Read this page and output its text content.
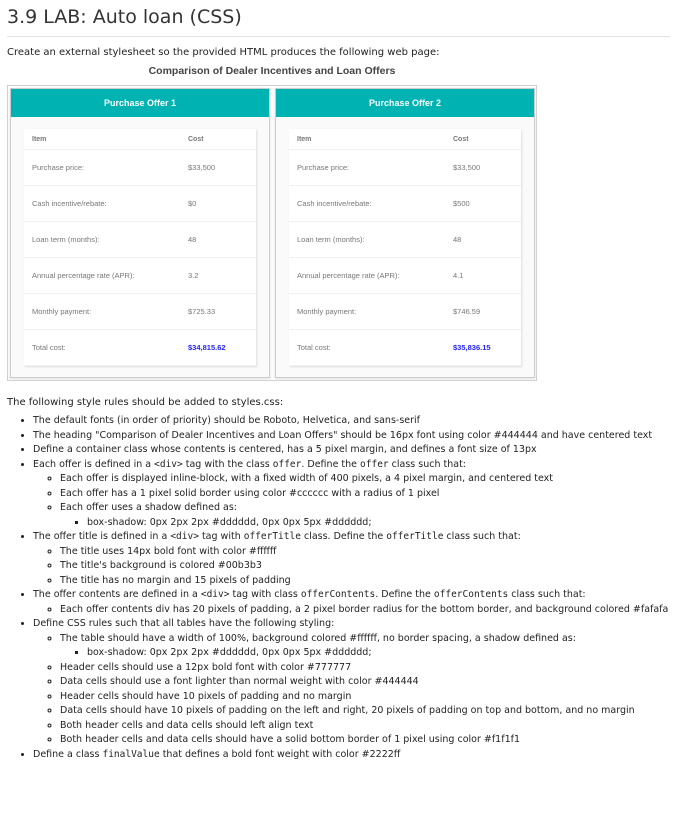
3.9 LAB: Auto loan (CSS)

Create an external stylesheet so the provided HTML produces the following web page:

Comparison of Dealer Incentives and Loan Offers
Purchase Offer 1
Item	Cost
Purchase price:	$33,500
Cash incentive/rebate:	$0
Loan term (months):	48
Annual percentage rate (APR):	3.2
Monthly payment:	$725.33
Total cost:	$34,815.62
Purchase Offer 2
Item	Cost
Purchase price:	$33,500
Cash incentive/rebate:	$500
Loan term (months):	48
Annual percentage rate (APR):	4.1
Monthly payment:	$746.59
Total cost:	$35,836.15

The following style rules should be added to styles.css:

• The default fonts (in order of priority) should be Roboto, Helvetica, and sans-serif
• The heading "Comparison of Dealer Incentives and Loan Offers" should be 16px font using color #444444 and have centered text
• Define a container class whose contents is centered, has a 5 pixel margin, and defines a font size of 13px
• Each offer is defined in a <div> tag with the class offer. Define the offer class such that:
◦ Each offer is displayed inline-block, with a fixed width of 400 pixels, a 4 pixel margin, and centered text
◦ Each offer has a 1 pixel solid border using color #cccccc with a radius of 1 pixel
◦ Each offer uses a shadow defined as:
▪ box-shadow: 0px 2px 2px #dddddd, 0px 0px 5px #dddddd;
• The offer title is defined in a <div> tag with offerTitle class. Define the offerTitle class such that:
◦ The title uses 14px bold font with color #ffffff
◦ The title's background is colored #00b3b3
◦ The title has no margin and 15 pixels of padding
• The offer contents are defined in a <div> tag with class offerContents. Define the offerContents class such that:
◦ Each offer contents div has 20 pixels of padding, a 2 pixel border radius for the bottom border, and background colored #fafafa
• Define CSS rules such that all tables have the following styling:
◦ The table should have a width of 100%, background colored #ffffff, no border spacing, a shadow defined as:
▪ box-shadow: 0px 2px 2px #dddddd, 0px 0px 5px #dddddd;
◦ Header cells should use a 12px bold font with color #777777
◦ Data cells should use a font lighter than normal weight with color #444444
◦ Header cells should have 10 pixels of padding and no margin
◦ Data cells should have 10 pixels of padding on the left and right, 20 pixels of padding on top and bottom, and no margin
◦ Both header cells and data cells should left align text
◦ Both header cells and data cells should have a solid bottom border of 1 pixel using color #f1f1f1
• Define a class finalValue that defines a bold font weight with color #2222ff
